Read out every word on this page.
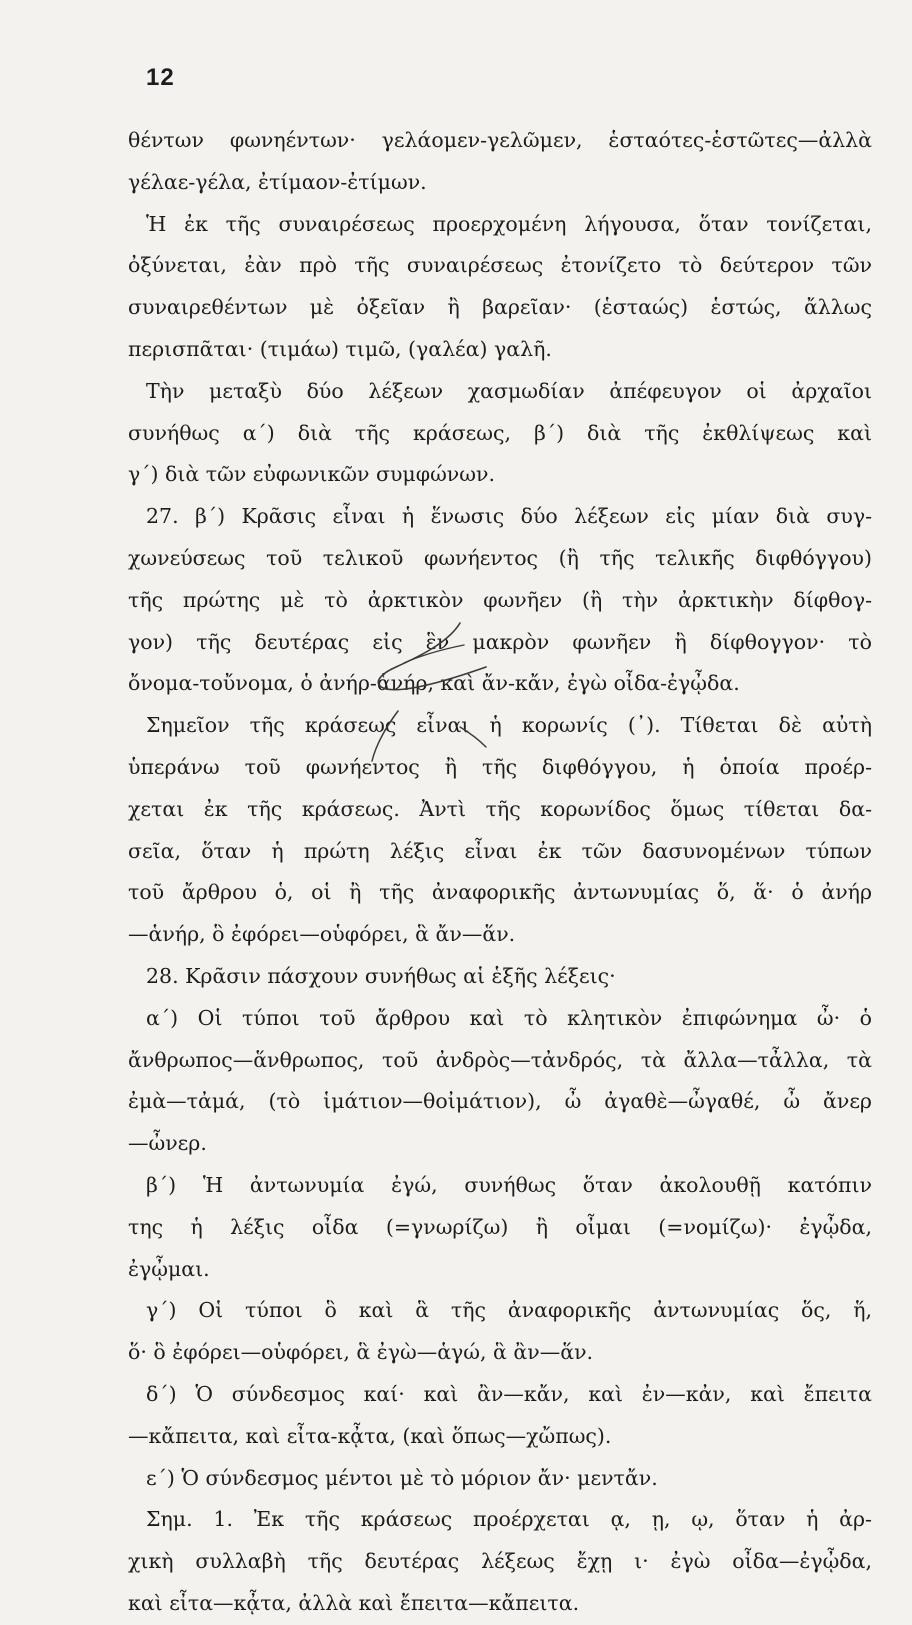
12
θέντων φωνηέντων· γελάομεν-γελῶμεν, ἑσταότες-ἑστῶτες—ἀλλὰ
γέλαε-γέλα, ἐτίμαον-ἐτίμων.
Ἡ ἐκ τῆς συναιρέσεως προερχομένη λήγουσα, ὅταν τονίζεται,
ὀξύνεται, ἐὰν πρὸ τῆς συναιρέσεως ἐτονίζετο τὸ δεύτερον τῶν
συναιρεθέντων μὲ ὀξεῖαν ἢ βαρεῖαν· (ἑσταώς) ἑστώς, ἄλλως
περισπᾶται· (τιμάω) τιμῶ, (γαλέα) γαλῆ.
Τὴν μεταξὺ δύο λέξεων χασμωδίαν ἀπέφευγον οἱ ἀρχαῖοι
συνήθως α΄) διὰ τῆς κράσεως, β΄) διὰ τῆς ἐκθλίψεως καὶ
γ΄) διὰ τῶν εὐφωνικῶν συμφώνων.
27. β΄) Κρᾶσις εἶναι ἡ ἕνωσις δύο λέξεων εἰς μίαν διὰ συγ-
χωνεύσεως τοῦ τελικοῦ φωνήεντος (ἢ τῆς τελικῆς διφθόγγου)
τῆς πρώτης μὲ τὸ ἀρκτικὸν φωνῆεν (ἢ τὴν ἀρκτικὴν δίφθογ-
γον) τῆς δευτέρας εἰς ἓν μακρὸν φωνῆεν ἢ δίφθογγον· τὸ
ὄνομα-τοὔνομα, ὁ ἀνήρ-ἁνήρ, καὶ ἄν-κἄν, ἐγὼ οἶδα-ἐγᾦδα.
Σημεῖον τῆς κράσεως εἶναι ἡ κορωνίς (᾿). Τίθεται δὲ αὐτὴ
ὑπεράνω τοῦ φωνήεντος ἢ τῆς διφθόγγου, ἡ ὁποία προέρ-
χεται ἐκ τῆς κράσεως. Ἀντὶ τῆς κορωνίδος ὅμως τίθεται δα-
σεῖα, ὅταν ἡ πρώτη λέξις εἶναι ἐκ τῶν δασυνομένων τύπων
τοῦ ἄρθρου ὁ, οἱ ἢ τῆς ἀναφορικῆς ἀντωνυμίας ὅ, ἅ· ὁ ἀνήρ
—ἁνήρ, ὃ ἐφόρει—οὑφόρει, ἃ ἄν—ἅν.
28. Κρᾶσιν πάσχουν συνήθως αἱ ἑξῆς λέξεις·
α΄) Οἱ τύποι τοῦ ἄρθρου καὶ τὸ κλητικὸν ἐπιφώνημα ὦ· ὁ
ἄνθρωπος—ἅνθρωπος, τοῦ ἀνδρὸς—τἀνδρός, τὰ ἄλλα—τἆλλα, τὰ
ἐμὰ—τἀμά, (τὸ ἱμάτιον—θοἰμάτιον), ὦ ἀγαθὲ—ὦγαθέ, ὦ ἄνερ
—ὦνερ.
β΄) Ἡ ἀντωνυμία ἐγώ, συνήθως ὅταν ἀκολουθῇ κατόπιν
της ἡ λέξις οἶδα (=γνωρίζω) ἢ οἶμαι (=νομίζω)· ἐγᾦδα,
ἐγᾦμαι.
γ΄) Οἱ τύποι ὃ καὶ ἃ τῆς ἀναφορικῆς ἀντωνυμίας ὅς, ἥ,
ὅ· ὃ ἐφόρει—οὑφόρει, ἃ ἐγὼ—ἁγώ, ἃ ἂν—ἅν.
δ΄) Ὁ σύνδεσμος καί· καὶ ἂν—κἄν, καὶ ἐν—κἀν, καὶ ἔπειτα
—κἄπειτα, καὶ εἶτα-κᾆτα, (καὶ ὅπως—χὤπως).
ε΄) Ὁ σύνδεσμος μέντοι μὲ τὸ μόριον ἄν· μεντἄν.
Σημ. 1. Ἐκ τῆς κράσεως προέρχεται ᾳ, ῃ, ῳ, ὅταν ἡ ἀρ-
χικὴ συλλαβὴ τῆς δευτέρας λέξεως ἔχῃ ι· ἐγὼ οἶδα—ἐγᾦδα,
καὶ εἶτα—κᾆτα, ἀλλὰ καὶ ἔπειτα—κἄπειτα.
